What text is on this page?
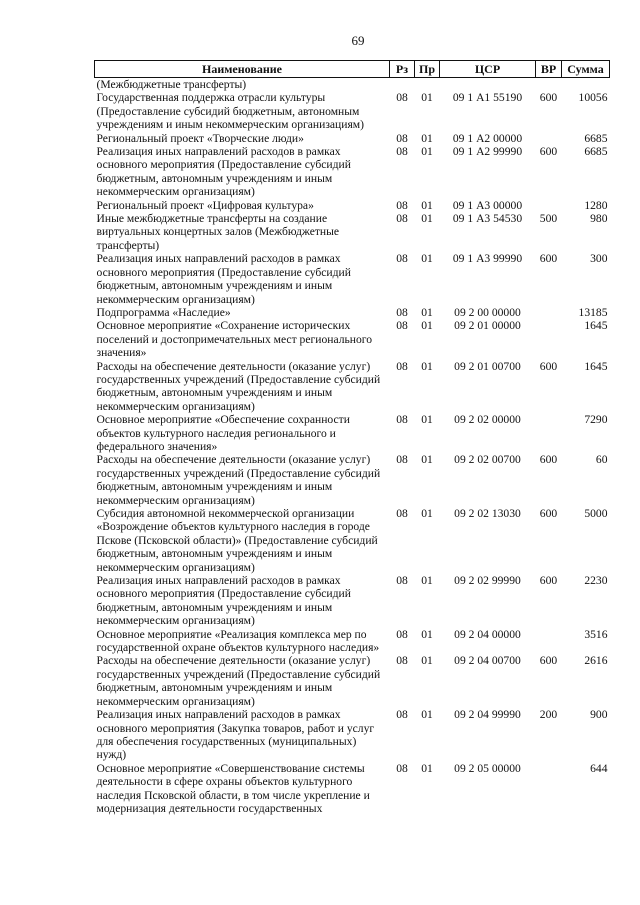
69
Наименование	Рз	Пр	ЦСР	ВР	Сумма
(Межбюджетные трансферты)					
Государственная поддержка отрасли культуры (Предоставление субсидий бюджетным, автономным учреждениям и иным некоммерческим организациям)	08	01	09 1 А1 55190	600	10056
Региональный проект «Творческие люди»	08	01	09 1 А2 00000		6685
Реализация иных направлений расходов в рамках основного мероприятия (Предоставление субсидий бюджетным, автономным учреждениям и иным некоммерческим организациям)	08	01	09 1 А2 99990	600	6685
Региональный проект «Цифровая культура»	08	01	09 1 А3 00000		1280
Иные межбюджетные трансферты на создание виртуальных концертных залов (Межбюджетные трансферты)	08	01	09 1 А3 54530	500	980
Реализация иных направлений расходов в рамках основного мероприятия (Предоставление субсидий бюджетным, автономным учреждениям и иным некоммерческим организациям)	08	01	09 1 А3 99990	600	300
Подпрограмма «Наследие»	08	01	09 2 00 00000		13185
Основное мероприятие «Сохранение исторических поселений и достопримечательных мест регионального значения»	08	01	09 2 01 00000		1645
Расходы на обеспечение деятельности (оказание услуг) государственных учреждений (Предоставление субсидий бюджетным, автономным учреждениям и иным некоммерческим организациям)	08	01	09 2 01 00700	600	1645
Основное мероприятие «Обеспечение сохранности объектов культурного наследия регионального и федерального значения»	08	01	09 2 02 00000		7290
Расходы на обеспечение деятельности (оказание услуг) государственных учреждений (Предоставление субсидий бюджетным, автономным учреждениям и иным некоммерческим организациям)	08	01	09 2 02 00700	600	60
Субсидия автономной некоммерческой организации «Возрождение объектов культурного наследия в городе Пскове (Псковской области)» (Предоставление субсидий бюджетным, автономным учреждениям и иным некоммерческим организациям)	08	01	09 2 02 13030	600	5000
Реализация иных направлений расходов в рамках основного мероприятия (Предоставление субсидий бюджетным, автономным учреждениям и иным некоммерческим организациям)	08	01	09 2 02 99990	600	2230
Основное мероприятие «Реализация комплекса мер по государственной охране объектов культурного наследия»	08	01	09 2 04 00000		3516
Расходы на обеспечение деятельности (оказание услуг) государственных учреждений (Предоставление субсидий бюджетным, автономным учреждениям и иным некоммерческим организациям)	08	01	09 2 04 00700	600	2616
Реализация иных направлений расходов в рамках основного мероприятия (Закупка товаров, работ и услуг для обеспечения государственных (муниципальных) нужд)	08	01	09 2 04 99990	200	900
Основное мероприятие «Совершенствование системы деятельности в сфере охраны объектов культурного наследия Псковской области, в том числе укрепление и модернизация деятельности государственных	08	01	09 2 05 00000		644
